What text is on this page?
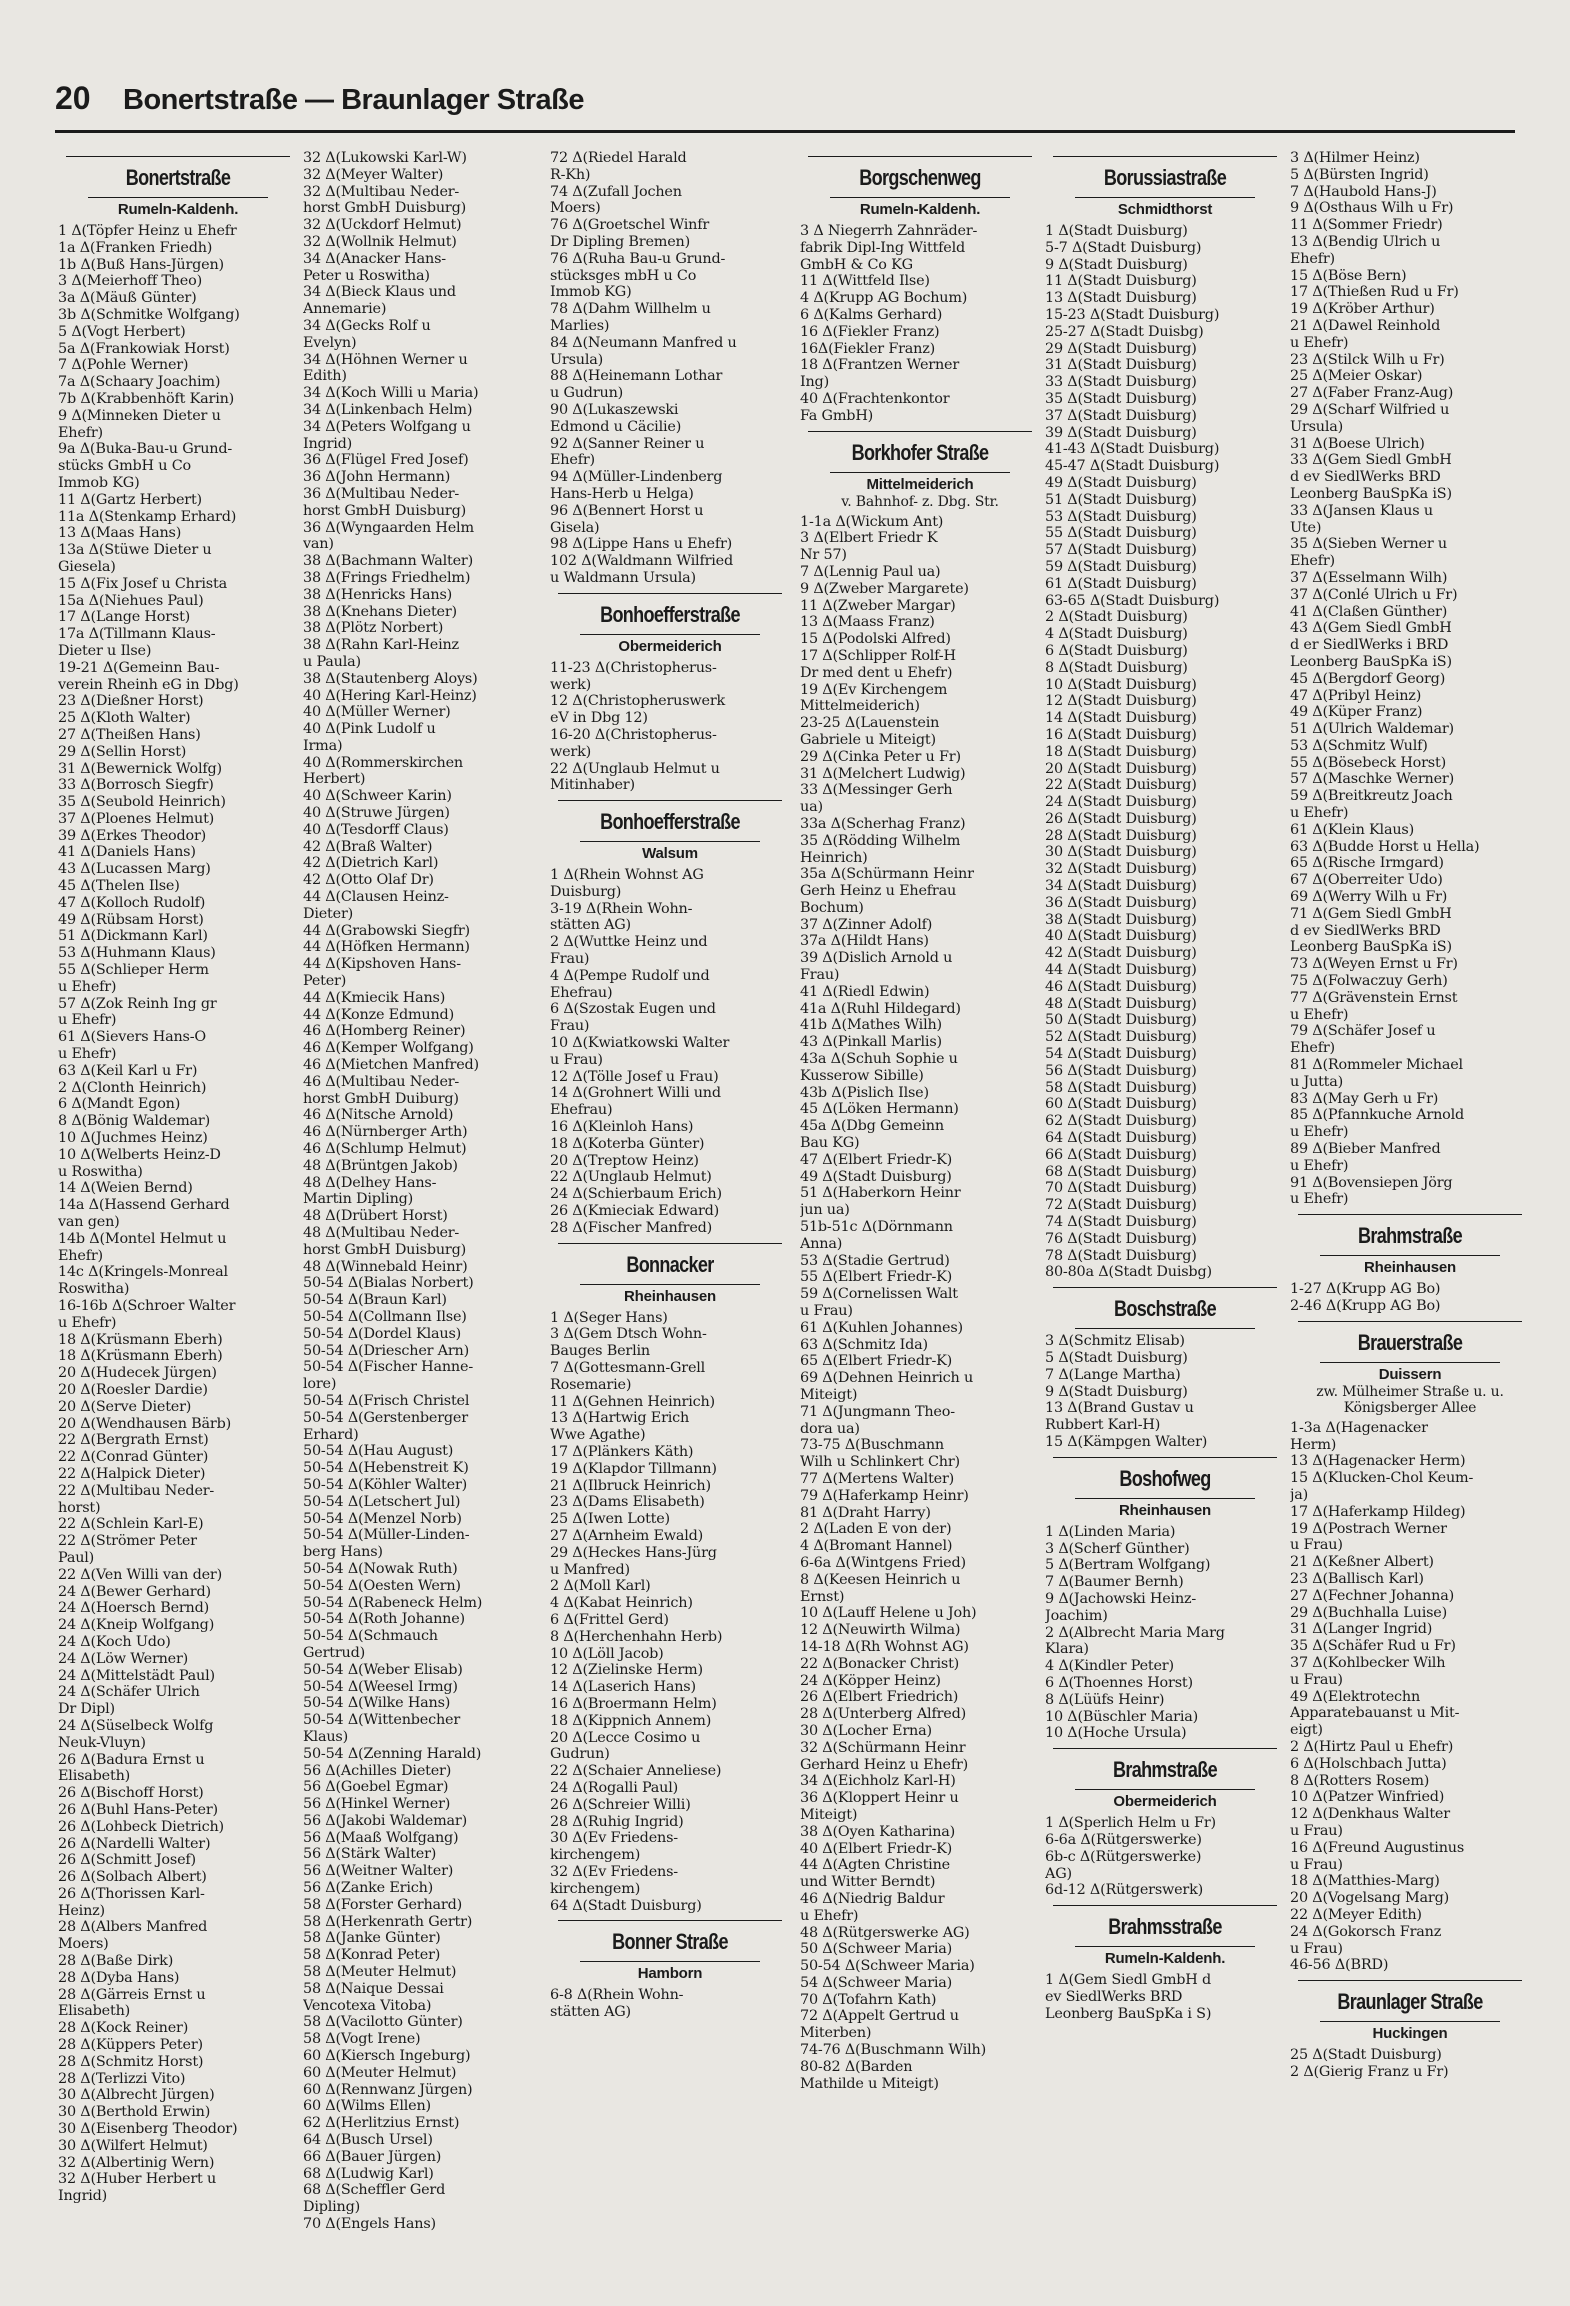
20 Bonertstraße — Braunlager Straße
Bonertstraße
Rumeln-Kaldenh.
1 Δ(Töpfer Heinz u Ehefr
1a Δ(Franken Friedh)
1b Δ(Buß Hans-Jürgen)
3 Δ(Meierhoff Theo)
3a Δ(Mäuß Günter)
3b Δ(Schmitke Wolfgang)
5 Δ(Vogt Herbert)
5a Δ(Frankowiak Horst)
7 Δ(Pohle Werner)
7a Δ(Schaary Joachim)
7b Δ(Krabbenhöft Karin)
9 Δ(Minneken Dieter u
Ehefr)
9a Δ(Buka-Bau-u Grund-
stücks GmbH u Co
Immob KG)
11 Δ(Gartz Herbert)
11a Δ(Stenkamp Erhard)
13 Δ(Maas Hans)
13a Δ(Stüwe Dieter u
Giesela)
15 Δ(Fix Josef u Christa
15a Δ(Niehues Paul)
17 Δ(Lange Horst)
17a Δ(Tillmann Klaus-
Dieter u Ilse)
19-21 Δ(Gemeinn Bau-
verein Rheinh eG in Dbg)
23 Δ(Dießner Horst)
25 Δ(Kloth Walter)
27 Δ(Theißen Hans)
29 Δ(Sellin Horst)
31 Δ(Bewernick Wolfg)
33 Δ(Borrosch Siegfr)
35 Δ(Seubold Heinrich)
37 Δ(Ploenes Helmut)
39 Δ(Erkes Theodor)
41 Δ(Daniels Hans)
43 Δ(Lucassen Marg)
45 Δ(Thelen Ilse)
47 Δ(Kolloch Rudolf)
49 Δ(Rübsam Horst)
51 Δ(Dickmann Karl)
53 Δ(Huhmann Klaus)
55 Δ(Schlieper Herm
u Ehefr)
57 Δ(Zok Reinh Ing gr
u Ehefr)
61 Δ(Sievers Hans-O
u Ehefr)
63 Δ(Keil Karl u Fr)
2 Δ(Clonth Heinrich)
6 Δ(Mandt Egon)
8 Δ(Bönig Waldemar)
10 Δ(Juchmes Heinz)
10 Δ(Welberts Heinz-D
u Roswitha)
14 Δ(Weien Bernd)
14a Δ(Hassend Gerhard
van gen)
14b Δ(Montel Helmut u
Ehefr)
14c Δ(Kringels-Monreal
Roswitha)
16-16b Δ(Schroer Walter
u Ehefr)
18 Δ(Krüsmann Eberh)
18 Δ(Krüsmann Eberh)
20 Δ(Hudecek Jürgen)
20 Δ(Roesler Dardie)
20 Δ(Serve Dieter)
20 Δ(Wendhausen Bärb)
22 Δ(Bergrath Ernst)
22 Δ(Conrad Günter)
22 Δ(Halpick Dieter)
22 Δ(Multibau Neder-
horst)
22 Δ(Schlein Karl-E)
22 Δ(Strömer Peter
Paul)
22 Δ(Ven Willi van der)
24 Δ(Bewer Gerhard)
24 Δ(Hoersch Bernd)
24 Δ(Kneip Wolfgang)
24 Δ(Koch Udo)
24 Δ(Löw Werner)
24 Δ(Mittelstädt Paul)
24 Δ(Schäfer Ulrich
Dr Dipl)
24 Δ(Süselbeck Wolfg
Neuk-Vluyn)
26 Δ(Badura Ernst u
Elisabeth)
26 Δ(Bischoff Horst)
26 Δ(Buhl Hans-Peter)
26 Δ(Lohbeck Dietrich)
26 Δ(Nardelli Walter)
26 Δ(Schmitt Josef)
26 Δ(Solbach Albert)
26 Δ(Thorissen Karl-
Heinz)
28 Δ(Albers Manfred
Moers)
28 Δ(Baße Dirk)
28 Δ(Dyba Hans)
28 Δ(Gärreis Ernst u
Elisabeth)
28 Δ(Kock Reiner)
28 Δ(Küppers Peter)
28 Δ(Schmitz Horst)
28 Δ(Terlizzi Vito)
30 Δ(Albrecht Jürgen)
30 Δ(Berthold Erwin)
30 Δ(Eisenberg Theodor)
30 Δ(Wilfert Helmut)
32 Δ(Albertinig Wern)
32 Δ(Huber Herbert u
Ingrid)
32 Δ(Lukowski Karl-W)
32 Δ(Meyer Walter)
32 Δ(Multibau Neder-
horst GmbH Duisburg)
32 Δ(Uckdorf Helmut)
32 Δ(Wollnik Helmut)
34 Δ(Anacker Hans-
Peter u Roswitha)
34 Δ(Bieck Klaus und
Annemarie)
34 Δ(Gecks Rolf u
Evelyn)
34 Δ(Höhnen Werner u
Edith)
34 Δ(Koch Willi u Maria)
34 Δ(Linkenbach Helm)
34 Δ(Peters Wolfgang u
Ingrid)
36 Δ(Flügel Fred Josef)
36 Δ(John Hermann)
36 Δ(Multibau Neder-
horst GmbH Duisburg)
36 Δ(Wyngaarden Helm
van)
38 Δ(Bachmann Walter)
38 Δ(Frings Friedhelm)
38 Δ(Henricks Hans)
38 Δ(Knehans Dieter)
38 Δ(Plötz Norbert)
38 Δ(Rahn Karl-Heinz
u Paula)
38 Δ(Stautenberg Aloys)
40 Δ(Hering Karl-Heinz)
40 Δ(Müller Werner)
40 Δ(Pink Ludolf u
Irma)
40 Δ(Rommerskirchen
Herbert)
40 Δ(Schweer Karin)
40 Δ(Struwe Jürgen)
40 Δ(Tesdorff Claus)
42 Δ(Braß Walter)
42 Δ(Dietrich Karl)
42 Δ(Otto Olaf Dr)
44 Δ(Clausen Heinz-
Dieter)
44 Δ(Grabowski Siegfr)
44 Δ(Höfken Hermann)
44 Δ(Kipshoven Hans-
Peter)
44 Δ(Kmiecik Hans)
44 Δ(Konze Edmund)
46 Δ(Homberg Reiner)
46 Δ(Kemper Wolfgang)
46 Δ(Mietchen Manfred)
46 Δ(Multibau Neder-
horst GmbH Duiburg)
46 Δ(Nitsche Arnold)
46 Δ(Nürnberger Arth)
46 Δ(Schlump Helmut)
48 Δ(Brüntgen Jakob)
48 Δ(Delhey Hans-
Martin Dipling)
48 Δ(Drübert Horst)
48 Δ(Multibau Neder-
horst GmbH Duisburg)
48 Δ(Winnebald Heinr)
50-54 Δ(Bialas Norbert)
50-54 Δ(Braun Karl)
50-54 Δ(Collmann Ilse)
50-54 Δ(Dordel Klaus)
50-54 Δ(Driescher Arn)
50-54 Δ(Fischer Hanne-
lore)
50-54 Δ(Frisch Christel
50-54 Δ(Gerstenberger
Erhard)
50-54 Δ(Hau August)
50-54 Δ(Hebenstreit K)
50-54 Δ(Köhler Walter)
50-54 Δ(Letschert Jul)
50-54 Δ(Menzel Norb)
50-54 Δ(Müller-Linden-
berg Hans)
50-54 Δ(Nowak Ruth)
50-54 Δ(Oesten Wern)
50-54 Δ(Rabeneck Helm)
50-54 Δ(Roth Johanne)
50-54 Δ(Schmauch
Gertrud)
50-54 Δ(Weber Elisab)
50-54 Δ(Weesel Irmg)
50-54 Δ(Wilke Hans)
50-54 Δ(Wittenbecher
Klaus)
50-54 Δ(Zenning Harald)
56 Δ(Achilles Dieter)
56 Δ(Goebel Egmar)
56 Δ(Hinkel Werner)
56 Δ(Jakobi Waldemar)
56 Δ(Maaß Wolfgang)
56 Δ(Stärk Walter)
56 Δ(Weitner Walter)
56 Δ(Zanke Erich)
58 Δ(Forster Gerhard)
58 Δ(Herkenrath Gertr)
58 Δ(Janke Günter)
58 Δ(Konrad Peter)
58 Δ(Meuter Helmut)
58 Δ(Naique Dessai
Vencotexa Vitoba)
58 Δ(Vacilotto Günter)
58 Δ(Vogt Irene)
60 Δ(Kiersch Ingeburg)
60 Δ(Meuter Helmut)
60 Δ(Rennwanz Jürgen)
60 Δ(Wilms Ellen)
62 Δ(Herlitzius Ernst)
64 Δ(Busch Ursel)
66 Δ(Bauer Jürgen)
68 Δ(Ludwig Karl)
68 Δ(Scheffler Gerd
Dipling)
70 Δ(Engels Hans)
72 Δ(Riedel Harald
R-Kh)
74 Δ(Zufall Jochen
Moers)
76 Δ(Groetschel Winfr
Dr Dipling Bremen)
76 Δ(Ruha Bau-u Grund-
stücksges mbH u Co
Immob KG)
78 Δ(Dahm Willhelm u
Marlies)
84 Δ(Neumann Manfred u
Ursula)
88 Δ(Heinemann Lothar
u Gudrun)
90 Δ(Lukaszewski
Edmond u Cäcilie)
92 Δ(Sanner Reiner u
Ehefr)
94 Δ(Müller-Lindenberg
Hans-Herb u Helga)
96 Δ(Bennert Horst u
Gisela)
98 Δ(Lippe Hans u Ehefr)
102 Δ(Waldmann Wilfried
u Waldmann Ursula)
Bonhoefferstraße
Obermeiderich
11-23 Δ(Christopherus-
werk)
12 Δ(Christopheruswerk
eV in Dbg 12)
16-20 Δ(Christopherus-
werk)
22 Δ(Unglaub Helmut u
Mitinhaber)
Bonhoefferstraße
Walsum
1 Δ(Rhein Wohnst AG
Duisburg)
3-19 Δ(Rhein Wohn-
stätten AG)
2 Δ(Wuttke Heinz und
Frau)
4 Δ(Pempe Rudolf und
Ehefrau)
6 Δ(Szostak Eugen und
Frau)
10 Δ(Kwiatkowski Walter
u Frau)
12 Δ(Tölle Josef u Frau)
14 Δ(Grohnert Willi und
Ehefrau)
16 Δ(Kleinloh Hans)
18 Δ(Koterba Günter)
20 Δ(Treptow Heinz)
22 Δ(Unglaub Helmut)
24 Δ(Schierbaum Erich)
26 Δ(Kmieciak Edward)
28 Δ(Fischer Manfred)
Bonnacker
Rheinhausen
1 Δ(Seger Hans)
3 Δ(Gem Dtsch Wohn-
Bauges Berlin
7 Δ(Gottesmann-Grell
Rosemarie)
11 Δ(Gehnen Heinrich)
13 Δ(Hartwig Erich
Wwe Agathe)
17 Δ(Plänkers Käth)
19 Δ(Klapdor Tillmann)
21 Δ(Ilbruck Heinrich)
23 Δ(Dams Elisabeth)
25 Δ(Iwen Lotte)
27 Δ(Arnheim Ewald)
29 Δ(Heckes Hans-Jürg
u Manfred)
2 Δ(Moll Karl)
4 Δ(Kabat Heinrich)
6 Δ(Frittel Gerd)
8 Δ(Herchenhahn Herb)
10 Δ(Löll Jacob)
12 Δ(Zielinske Herm)
14 Δ(Laserich Hans)
16 Δ(Broermann Helm)
18 Δ(Kippnich Annem)
20 Δ(Lecce Cosimo u
Gudrun)
22 Δ(Schaier Anneliese)
24 Δ(Rogalli Paul)
26 Δ(Schreier Willi)
28 Δ(Ruhig Ingrid)
30 Δ(Ev Friedens-
kirchengem)
32 Δ(Ev Friedens-
kirchengem)
64 Δ(Stadt Duisburg)
Bonner Straße
Hamborn
6-8 Δ(Rhein Wohn-
stätten AG)
Borgschenweg
Rumeln-Kaldenh.
3 Δ Niegerrh Zahnräder-
fabrik Dipl-Ing Wittfeld
GmbH & Co KG
11 Δ(Wittfeld Ilse)
4 Δ(Krupp AG Bochum)
6 Δ(Kalms Gerhard)
16 Δ(Fiekler Franz)
16Δ(Fiekler Franz)
18 Δ(Frantzen Werner
Ing)
40 Δ(Frachtenkontor
Fa GmbH)
Borkhofer Straße
Mittelmeiderich
v. Bahnhof- z. Dbg. Str.
1-1a Δ(Wickum Ant)
3 Δ(Elbert Friedr K
Nr 57)
7 Δ(Lennig Paul ua)
9 Δ(Zweber Margarete)
11 Δ(Zweber Margar)
13 Δ(Maass Franz)
15 Δ(Podolski Alfred)
17 Δ(Schlipper Rolf-H
Dr med dent u Ehefr)
19 Δ(Ev Kirchengem
Mittelmeiderich)
23-25 Δ(Lauenstein
Gabriele u Miteigt)
29 Δ(Cinka Peter u Fr)
31 Δ(Melchert Ludwig)
33 Δ(Messinger Gerh
ua)
33a Δ(Scherhag Franz)
35 Δ(Rödding Wilhelm
Heinrich)
35a Δ(Schürmann Heinr
Gerh Heinz u Ehefrau
Bochum)
37 Δ(Zinner Adolf)
37a Δ(Hildt Hans)
39 Δ(Dislich Arnold u
Frau)
41 Δ(Riedl Edwin)
41a Δ(Ruhl Hildegard)
41b Δ(Mathes Wilh)
43 Δ(Pinkall Marlis)
43a Δ(Schuh Sophie u
Kusserow Sibille)
43b Δ(Pislich Ilse)
45 Δ(Löken Hermann)
45a Δ(Dbg Gemeinn
Bau KG)
47 Δ(Elbert Friedr-K)
49 Δ(Stadt Duisburg)
51 Δ(Haberkorn Heinr
jun ua)
51b-51c Δ(Dörnmann
Anna)
53 Δ(Stadie Gertrud)
55 Δ(Elbert Friedr-K)
59 Δ(Cornelissen Walt
u Frau)
61 Δ(Kuhlen Johannes)
63 Δ(Schmitz Ida)
65 Δ(Elbert Friedr-K)
69 Δ(Dehnen Heinrich u
Miteigt)
71 Δ(Jungmann Theo-
dora ua)
73-75 Δ(Buschmann
Wilh u Schlinkert Chr)
77 Δ(Mertens Walter)
79 Δ(Haferkamp Heinr)
81 Δ(Draht Harry)
2 Δ(Laden E von der)
4 Δ(Bromant Hannel)
6-6a Δ(Wintgens Fried)
8 Δ(Keesen Heinrich u
Ernst)
10 Δ(Lauff Helene u Joh)
12 Δ(Neuwirth Wilma)
14-18 Δ(Rh Wohnst AG)
22 Δ(Bonacker Christ)
24 Δ(Köpper Heinz)
26 Δ(Elbert Friedrich)
28 Δ(Unterberg Alfred)
30 Δ(Locher Erna)
32 Δ(Schürmann Heinr
Gerhard Heinz u Ehefr)
34 Δ(Eichholz Karl-H)
36 Δ(Kloppert Heinr u
Miteigt)
38 Δ(Oyen Katharina)
40 Δ(Elbert Friedr-K)
44 Δ(Agten Christine
und Witter Berndt)
46 Δ(Niedrig Baldur
u Ehefr)
48 Δ(Rütgerswerke AG)
50 Δ(Schweer Maria)
50-54 Δ(Schweer Maria)
54 Δ(Schweer Maria)
70 Δ(Tofahrn Kath)
72 Δ(Appelt Gertrud u
Miterben)
74-76 Δ(Buschmann Wilh)
80-82 Δ(Barden
Mathilde u Miteigt)
Borussiastraße
Schmidthorst
1 Δ(Stadt Duisburg)
5-7 Δ(Stadt Duisburg)
9 Δ(Stadt Duisburg)
11 Δ(Stadt Duisburg)
13 Δ(Stadt Duisburg)
15-23 Δ(Stadt Duisburg)
25-27 Δ(Stadt Duisbg)
29 Δ(Stadt Duisburg)
31 Δ(Stadt Duisburg)
33 Δ(Stadt Duisburg)
35 Δ(Stadt Duisburg)
37 Δ(Stadt Duisburg)
39 Δ(Stadt Duisburg)
41-43 Δ(Stadt Duisburg)
45-47 Δ(Stadt Duisburg)
49 Δ(Stadt Duisburg)
51 Δ(Stadt Duisburg)
53 Δ(Stadt Duisburg)
55 Δ(Stadt Duisburg)
57 Δ(Stadt Duisburg)
59 Δ(Stadt Duisburg)
61 Δ(Stadt Duisburg)
63-65 Δ(Stadt Duisburg)
2 Δ(Stadt Duisburg)
4 Δ(Stadt Duisburg)
6 Δ(Stadt Duisburg)
8 Δ(Stadt Duisburg)
10 Δ(Stadt Duisburg)
12 Δ(Stadt Duisburg)
14 Δ(Stadt Duisburg)
16 Δ(Stadt Duisburg)
18 Δ(Stadt Duisburg)
20 Δ(Stadt Duisburg)
22 Δ(Stadt Duisburg)
24 Δ(Stadt Duisburg)
26 Δ(Stadt Duisburg)
28 Δ(Stadt Duisburg)
30 Δ(Stadt Duisburg)
32 Δ(Stadt Duisburg)
34 Δ(Stadt Duisburg)
36 Δ(Stadt Duisburg)
38 Δ(Stadt Duisburg)
40 Δ(Stadt Duisburg)
42 Δ(Stadt Duisburg)
44 Δ(Stadt Duisburg)
46 Δ(Stadt Duisburg)
48 Δ(Stadt Duisburg)
50 Δ(Stadt Duisburg)
52 Δ(Stadt Duisburg)
54 Δ(Stadt Duisburg)
56 Δ(Stadt Duisburg)
58 Δ(Stadt Duisburg)
60 Δ(Stadt Duisburg)
62 Δ(Stadt Duisburg)
64 Δ(Stadt Duisburg)
66 Δ(Stadt Duisburg)
68 Δ(Stadt Duisburg)
70 Δ(Stadt Duisburg)
72 Δ(Stadt Duisburg)
74 Δ(Stadt Duisburg)
76 Δ(Stadt Duisburg)
78 Δ(Stadt Duisburg)
80-80a Δ(Stadt Duisbg)
Boschstraße
3 Δ(Schmitz Elisab)
5 Δ(Stadt Duisburg)
7 Δ(Lange Martha)
9 Δ(Stadt Duisburg)
13 Δ(Brand Gustav u
Rubbert Karl-H)
15 Δ(Kämpgen Walter)
Boshofweg
Rheinhausen
1 Δ(Linden Maria)
3 Δ(Scherf Günther)
5 Δ(Bertram Wolfgang)
7 Δ(Baumer Bernh)
9 Δ(Jachowski Heinz-
Joachim)
2 Δ(Albrecht Maria Marg
Klara)
4 Δ(Kindler Peter)
6 Δ(Thoennes Horst)
8 Δ(Lüüfs Heinr)
10 Δ(Büschler Maria)
10 Δ(Hoche Ursula)
Brahmstraße
Obermeiderich
1 Δ(Sperlich Helm u Fr)
6-6a Δ(Rütgerswerke)
6b-c Δ(Rütgerswerke)
AG)
6d-12 Δ(Rütgerswerk)
Brahmsstraße
Rumeln-Kaldenh.
1 Δ(Gem Siedl GmbH d
ev SiedlWerks BRD
Leonberg BauSpKa i S)
3 Δ(Hilmer Heinz)
5 Δ(Bürsten Ingrid)
7 Δ(Haubold Hans-J)
9 Δ(Osthaus Wilh u Fr)
11 Δ(Sommer Friedr)
13 Δ(Bendig Ulrich u
Ehefr)
15 Δ(Böse Bern)
17 Δ(Thießen Rud u Fr)
19 Δ(Kröber Arthur)
21 Δ(Dawel Reinhold
u Ehefr)
23 Δ(Stilck Wilh u Fr)
25 Δ(Meier Oskar)
27 Δ(Faber Franz-Aug)
29 Δ(Scharf Wilfried u
Ursula)
31 Δ(Boese Ulrich)
33 Δ(Gem Siedl GmbH
d ev SiedlWerks BRD
Leonberg BauSpKa iS)
33 Δ(Jansen Klaus u
Ute)
35 Δ(Sieben Werner u
Ehefr)
37 Δ(Esselmann Wilh)
37 Δ(Conlé Ulrich u Fr)
41 Δ(Claßen Günther)
43 Δ(Gem Siedl GmbH
d er SiedlWerks i BRD
Leonberg BauSpKa iS)
45 Δ(Bergdorf Georg)
47 Δ(Pribyl Heinz)
49 Δ(Küper Franz)
51 Δ(Ulrich Waldemar)
53 Δ(Schmitz Wulf)
55 Δ(Bösebeck Horst)
57 Δ(Maschke Werner)
59 Δ(Breitkreutz Joach
u Ehefr)
61 Δ(Klein Klaus)
63 Δ(Budde Horst u Hella)
65 Δ(Rische Irmgard)
67 Δ(Oberreiter Udo)
69 Δ(Werry Wilh u Fr)
71 Δ(Gem Siedl GmbH
d ev SiedlWerks BRD
Leonberg BauSpKa iS)
73 Δ(Weyen Ernst u Fr)
75 Δ(Folwaczuy Gerh)
77 Δ(Grävenstein Ernst
u Ehefr)
79 Δ(Schäfer Josef u
Ehefr)
81 Δ(Rommeler Michael
u Jutta)
83 Δ(May Gerh u Fr)
85 Δ(Pfannkuche Arnold
u Ehefr)
89 Δ(Bieber Manfred
u Ehefr)
91 Δ(Bovensiepen Jörg
u Ehefr)
Brahmstraße
Rheinhausen
1-27 Δ(Krupp AG Bo)
2-46 Δ(Krupp AG Bo)
Brauerstraße
Duissern
zw. Mülheimer Straße u. u. Königsberger Allee
1-3a Δ(Hagenacker
Herm)
13 Δ(Hagenacker Herm)
15 Δ(Klucken-Chol Keum-
ja)
17 Δ(Haferkamp Hildeg)
19 Δ(Postrach Werner
u Frau)
21 Δ(Keßner Albert)
23 Δ(Ballisch Karl)
27 Δ(Fechner Johanna)
29 Δ(Buchhalla Luise)
31 Δ(Langer Ingrid)
35 Δ(Schäfer Rud u Fr)
37 Δ(Kohlbecker Wilh
u Frau)
49 Δ(Elektrotechn
Apparatebauanst u Mit-
eigt)
2 Δ(Hirtz Paul u Ehefr)
6 Δ(Holschbach Jutta)
8 Δ(Rotters Rosem)
10 Δ(Patzer Winfried)
12 Δ(Denkhaus Walter
u Frau)
16 Δ(Freund Augustinus
u Frau)
18 Δ(Matthies-Marg)
20 Δ(Vogelsang Marg)
22 Δ(Meyer Edith)
24 Δ(Gokorsch Franz
u Frau)
46-56 Δ(BRD)
Braunlager Straße
Huckingen
25 Δ(Stadt Duisburg)
2 Δ(Gierig Franz u Fr)
